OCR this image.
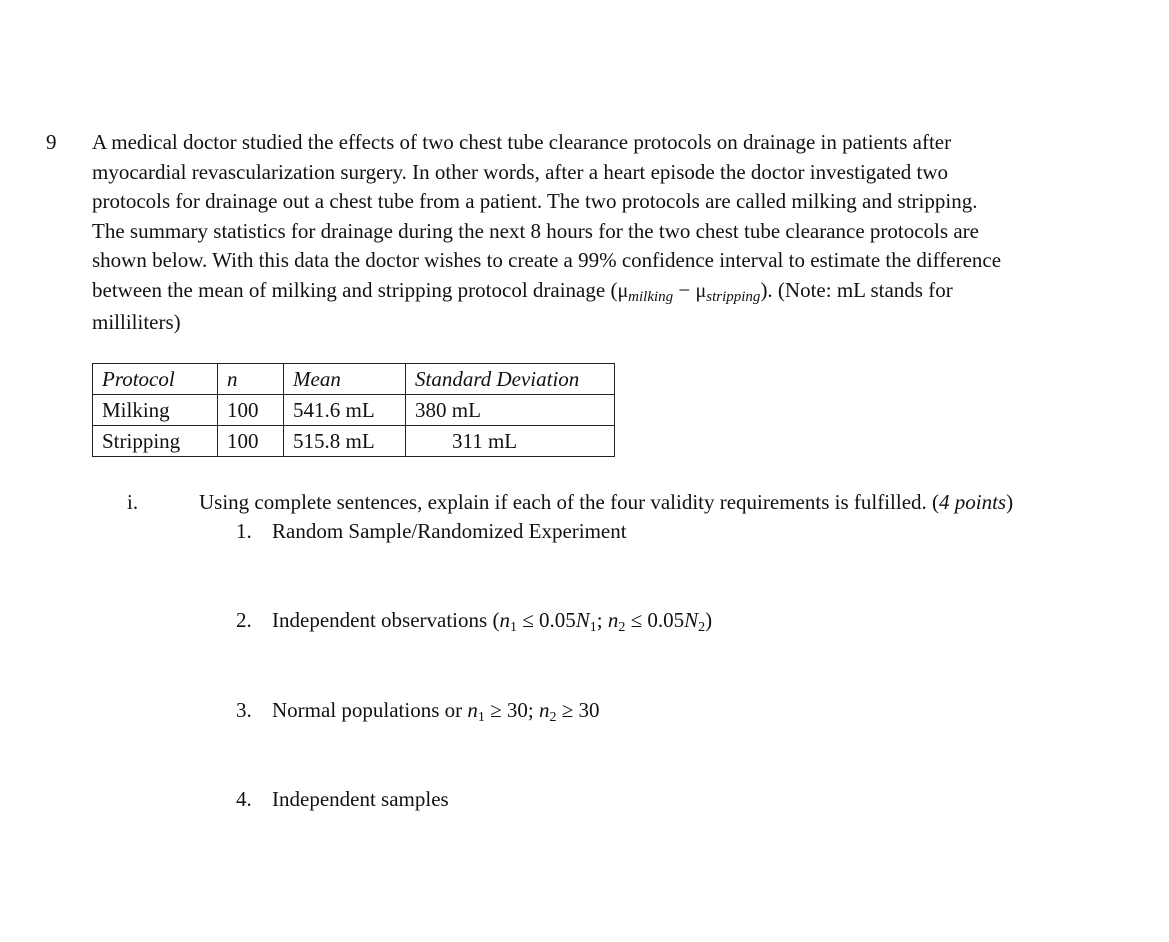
9 A medical doctor studied the effects of two chest tube clearance protocols on drainage in patients after
myocardial revascularization surgery. In other words, after a heart episode the doctor investigated two
protocols for drainage out a chest tube from a patient. The two protocols are called milking and stripping.
The summary statistics for drainage during the next 8 hours for the two chest tube clearance protocols are
shown below. With this data the doctor wishes to create a 99% confidence interval to estimate the difference
between the mean of milking and stripping protocol drainage (μmilking − μstripping). (Note: mL stands for
milliliters)
Protocol	n	Mean	Standard Deviation
Milking	100	541.6 mL	380 mL
Stripping	100	515.8 mL	311 mL
i.	Using complete sentences, explain if each of the four validity requirements is fulfilled. (4 points)
1. Random Sample/Randomized Experiment
2. Independent observations (n1 ≤ 0.05N1; n2 ≤ 0.05N2)
3. Normal populations or n1 ≥ 30; n2 ≥ 30
4. Independent samples
